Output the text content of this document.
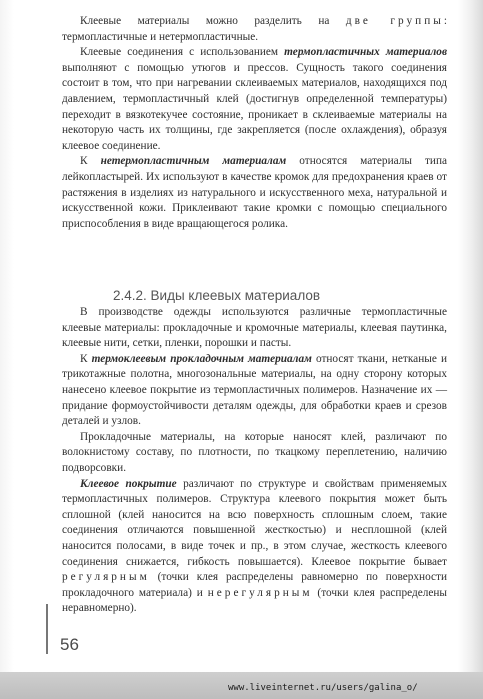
Клеевые материалы можно разделить на две группы: термопластичные и нетермопластичные.

Клеевые соединения с использованием термопластичных материалов выполняют с помощью утюгов и прессов. Сущность такого соединения состоит в том, что при нагревании склеиваемых материалов, находящихся под давлением, термопластичный клей (достигнув определенной температуры) переходит в вязкотекучее состояние, проникает в склеиваемые материалы на некоторую часть их толщины, где закрепляется (после охлаждения), образуя клеевое соединение.

К нетермопластичным материалам относятся материалы типа лейкопластырей. Их используют в качестве кромок для предохранения краев от растяжения в изделиях из натурального и искусственного меха, натуральной и искусственной кожи. Приклеивают такие кромки с помощью специального приспособления в виде вращающегося ролика.

2.4.2. Виды клеевых материалов

В производстве одежды используются различные термопластичные клеевые материалы: прокладочные и кромочные материалы, клеевая паутинка, клеевые нити, сетки, пленки, порошки и пасты.

К термоклеевым прокладочным материалам относят ткани, нетканые и трикотажные полотна, многозональные материалы, на одну сторону которых нанесено клеевое покрытие из термопластичных полимеров. Назначение их — придание формоустойчивости деталям одежды, для обработки краев и срезов деталей и узлов.

Прокладочные материалы, на которые наносят клей, различают по волокнистому составу, по плотности, по ткацкому переплетению, наличию подворсовки.

Клеевое покрытие различают по структуре и свойствам применяемых термопластичных полимеров. Структура клеевого покрытия может быть сплошной (клей наносится на всю поверхность сплошным слоем, такие соединения отличаются повышенной жесткостью) и несплошной (клей наносится полосами, в виде точек и пр., в этом случае, жесткость клеевого соединения снижается, гибкость повышается). Клеевое покрытие бывает регулярным (точки клея распределены равномерно по поверхности прокладочного материала) и нерегулярным (точки клея распределены неравномерно).

56
www.liveinternet.ru/users/galina_o/
